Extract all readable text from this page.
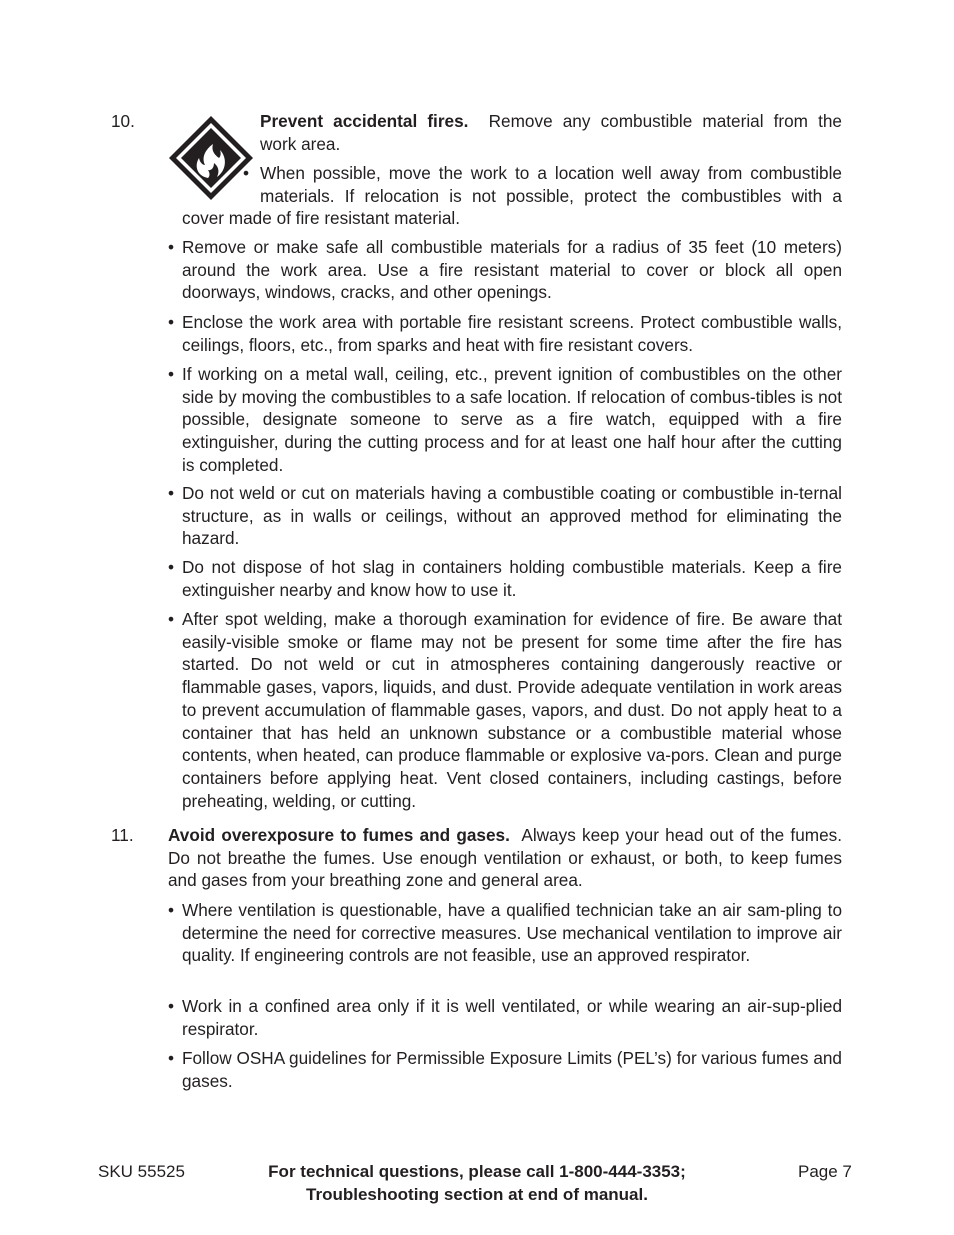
10.	Prevent accidental fires. Remove any combustible material from the
work area.
• When possible, move the work to a location well away from combustible
materials. If relocation is not possible, protect the combustibles with a
cover made of fire resistant material.
• Remove or make safe all combustible materials for a radius of 35 feet (10 meters) around the work area. Use a fire resistant material to cover or block all open doorways, windows, cracks, and other openings.
• Enclose the work area with portable fire resistant screens. Protect combustible walls, ceilings, floors, etc., from sparks and heat with fire resistant covers.
• If working on a metal wall, ceiling, etc., prevent ignition of combustibles on the other side by moving the combustibles to a safe location. If relocation of combus-tibles is not possible, designate someone to serve as a fire watch, equipped with a fire extinguisher, during the cutting process and for at least one half hour after the cutting is completed.
• Do not weld or cut on materials having a combustible coating or combustible in-ternal structure, as in walls or ceilings, without an approved method for eliminating the hazard.
• Do not dispose of hot slag in containers holding combustible materials. Keep a fire extinguisher nearby and know how to use it.
• After spot welding, make a thorough examination for evidence of fire. Be aware that easily-visible smoke or flame may not be present for some time after the fire has started. Do not weld or cut in atmospheres containing dangerously reactive or flammable gases, vapors, liquids, and dust. Provide adequate ventilation in work areas to prevent accumulation of flammable gases, vapors, and dust. Do not apply heat to a container that has held an unknown substance or a combustible material whose contents, when heated, can produce flammable or explosive va-pors. Clean and purge containers before applying heat. Vent closed containers, including castings, before preheating, welding, or cutting.
11. Avoid overexposure to fumes and gases. Always keep your head out of the fumes. Do not breathe the fumes. Use enough ventilation or exhaust, or both, to keep fumes and gases from your breathing zone and general area.
• Where ventilation is questionable, have a qualified technician take an air sam-pling to determine the need for corrective measures. Use mechanical ventilation to improve air quality. If engineering controls are not feasible, use an approved respirator.
• Work in a confined area only if it is well ventilated, or while wearing an air-sup-plied respirator.
• Follow OSHA guidelines for Permissible Exposure Limits (PEL’s) for various fumes and gases.
SKU 55525	For technical questions, please call 1-800-444-3353;
Troubleshooting section at end of manual.
Page 7
